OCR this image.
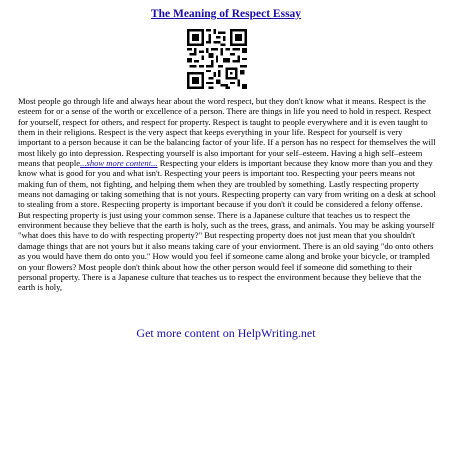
The Meaning of Respect Essay

Most people go through life and always hear about the word respect, but they don't know what it means. Respect is the esteem for or a sense of the worth or excellence of a person. There are things in life you need to hold in respect. Respect for yourself, respect for others, and respect for property. Respect is taught to people everywhere and it is even taught to them in their religions. Respect is the very aspect that keeps everything in your life. Respect for yourself is very important to a person because it can be the balancing factor of your life. If a person has no respect for themselves the will most likely go into depression. Respecting yourself is also important for your self–esteem. Having a high self–esteem means that people...show more content... Respecting your elders is important because they know more than you and they know what is good for you and what isn't. Respecting your peers is important too. Respecting your peers means not making fun of them, not fighting, and helping them when they are troubled by something. Lastly respecting property means not damaging or taking something that is not yours. Respecting property can vary from writing on a desk at school to stealing from a store. Respecting property is important because if you don't it could be considered a felony offense. But respecting property is just using your common sense. There is a Japanese culture that teaches us to respect the environment because they believe that the earth is holy, such as the trees, grass, and animals. You may be asking yourself "what does this have to do with respecting property?" But respecting property does not just mean that you shouldn't damage things that are not yours but it also means taking care of your enviorment. There is an old saying "do onto others as you would have them do onto you." How would you feel if someone came along and broke your bicycle, or trampled on your flowers? Most people don't think about how the other person would feel if someone did something to their personal property. There is a Japanese culture that teaches us to respect the environment because they believe that the earth is holy,

Get more content on HelpWriting.net
